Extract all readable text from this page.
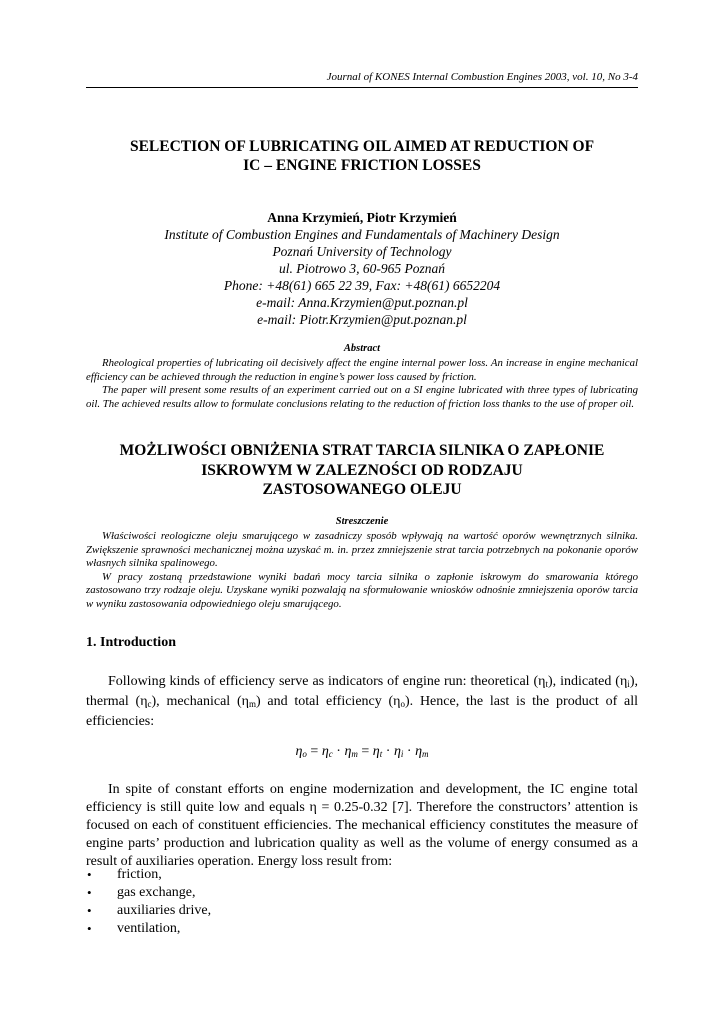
Journal of KONES Internal Combustion Engines 2003, vol. 10, No 3-4
SELECTION OF LUBRICATING OIL AIMED AT REDUCTION OF
IC – ENGINE FRICTION LOSSES
Anna Krzymień, Piotr Krzymień
Institute of Combustion Engines and Fundamentals of Machinery Design
Poznań University of Technology
ul. Piotrowo 3, 60-965 Poznań
Phone: +48(61) 665 22 39, Fax: +48(61) 6652204
e-mail: Anna.Krzymien@put.poznan.pl
e-mail: Piotr.Krzymien@put.poznan.pl
Abstract

Rheological properties of lubricating oil decisively affect the engine internal power loss. An increase in engine mechanical efficiency can be achieved through the reduction in engine’s power loss caused by friction.

The paper will present some results of an experiment carried out on a SI engine lubricated with three types of lubricating oil. The achieved results allow to formulate conclusions relating to the reduction of friction loss thanks to the use of proper oil.

MOŻLIWOŚCI OBNIŻENIA STRAT TARCIA SILNIKA O ZAPŁONIE
ISKROWYM W ZALEZNOŚCI OD RODZAJU
ZASTOSOWANEGO OLEJU
Streszczenie

Właściwości reologiczne oleju smarującego w zasadniczy sposób wpływają na wartość oporów wewnętrznych silnika. Zwiększenie sprawności mechanicznej można uzyskać m. in. przez zmniejszenie strat tarcia potrzebnych na pokonanie oporów własnych silnika spalinowego.

W pracy zostaną przedstawione wyniki badań mocy tarcia silnika o zapłonie iskrowym do smarowania którego zastosowano trzy rodzaje oleju. Uzyskane wyniki pozwalają na sformułowanie wniosków odnośnie zmniejszenia oporów tarcia w wyniku zastosowania odpowiedniego oleju smarującego.

1. Introduction

Following kinds of efficiency serve as indicators of engine run: theoretical $(\eta_t)$, indicated $(\eta_i)$, thermal $(\eta_c)$, mechanical $(\eta_m)$ and total efficiency $(\eta_o)$. Hence, the last is the product of all efficiencies:

$\eta_o = \eta_c \cdot \eta_m = \eta_t \cdot \eta_i \cdot \eta_m$

In spite of constant efforts on engine modernization and development, the IC engine total efficiency is still quite low and equals η = 0.25-0.32 [7]. Therefore the constructors’ attention is focused on each of constituent efficiencies. The mechanical efficiency constitutes the measure of engine parts’ production and lubrication quality as well as the volume of energy consumed as a result of auxiliaries operation. Energy loss result from:

• friction,
• gas exchange,
• auxiliaries drive,
• ventilation,
